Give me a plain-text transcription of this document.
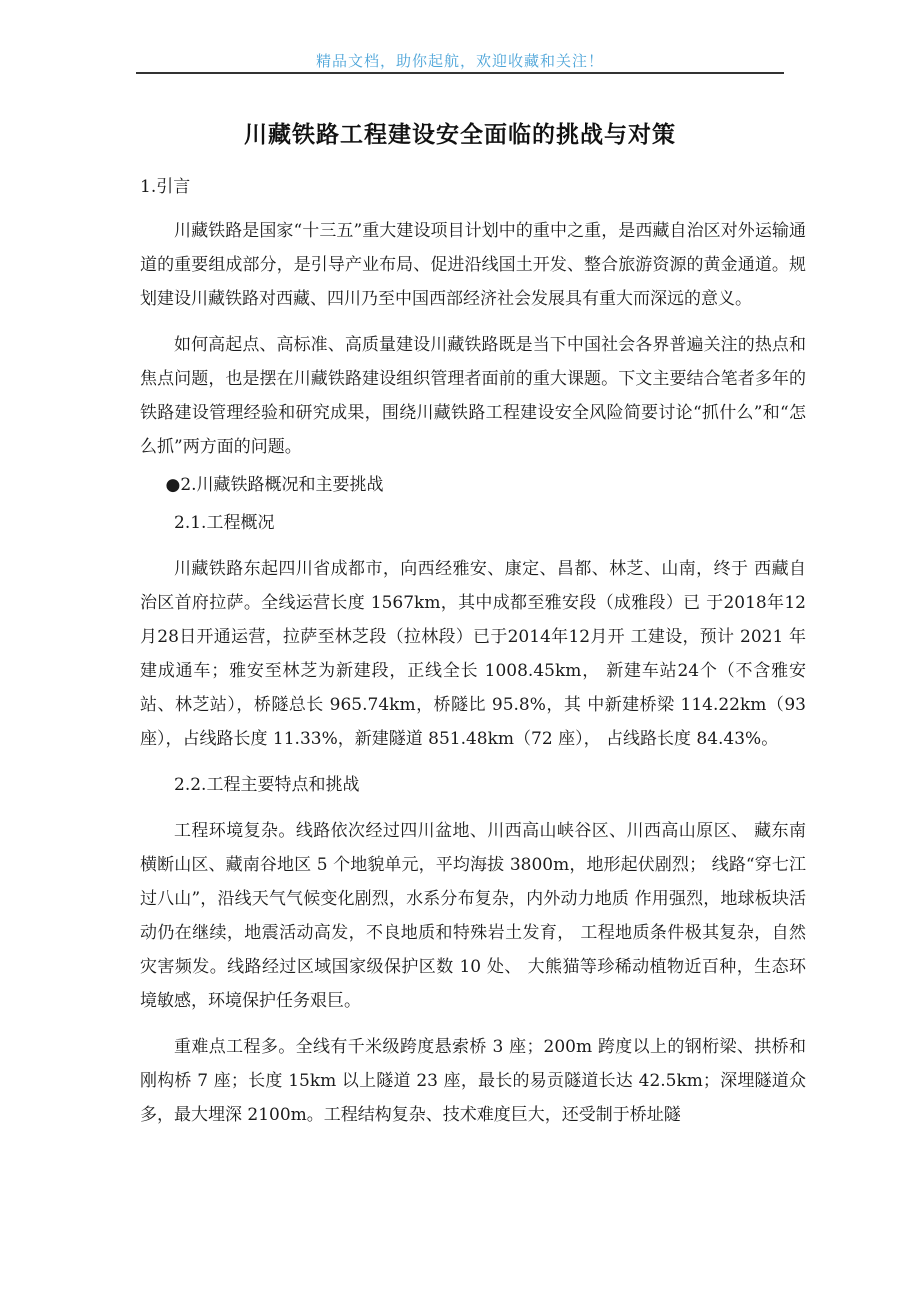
精品文档，助你起航，欢迎收藏和关注！
川藏铁路工程建设安全面临的挑战与对策

1.引言

川藏铁路是国家“十三五”重大建设项目计划中的重中之重，是西藏自治区对外运输通道的重要组成部分，是引导产业布局、促进沿线国土开发、整合旅游资源的黄金通道。规划建设川藏铁路对西藏、四川乃至中国西部经济社会发展具有重大而深远的意义。

如何高起点、高标准、高质量建设川藏铁路既是当下中国社会各界普遍关注的热点和焦点问题，也是摆在川藏铁路建设组织管理者面前的重大课题。下文主要结合笔者多年的铁路建设管理经验和研究成果，围绕川藏铁路工程建设安全风险简要讨论“抓什么”和“怎么抓”两方面的问题。

●2.川藏铁路概况和主要挑战

2.1.工程概况

川藏铁路东起四川省成都市，向西经雅安、康定、昌都、林芝、山南，终于 西藏自治区首府拉萨。全线运营长度 1567km，其中成都至雅安段（成雅段）已 于2018年12月28日开通运营，拉萨至林芝段（拉林段）已于2014年12月开 工建设，预计 2021 年建成通车；雅安至林芝为新建段，正线全长 1008.45km， 新建车站24个（不含雅安站、林芝站），桥隧总长 965.74km，桥隧比 95.8%，其 中新建桥梁 114.22km（93 座），占线路长度 11.33%，新建隧道 851.48km（72 座）， 占线路长度 84.43%。

2.2.工程主要特点和挑战

工程环境复杂。线路依次经过四川盆地、川西高山峡谷区、川西高山原区、 藏东南横断山区、藏南谷地区 5 个地貌单元，平均海拔 3800m，地形起伏剧烈； 线路“穿七江过八山”，沿线天气气候变化剧烈，水系分布复杂，内外动力地质 作用强烈，地球板块活动仍在继续，地震活动高发，不良地质和特殊岩土发育， 工程地质条件极其复杂，自然灾害频发。线路经过区域国家级保护区数 10 处、 大熊猫等珍稀动植物近百种，生态环境敏感，环境保护任务艰巨。

重难点工程多。全线有千米级跨度悬索桥 3 座；200m 跨度以上的钢桁梁、拱桥和刚构桥 7 座；长度 15km 以上隧道 23 座，最长的易贡隧道长达 42.5km；深埋隧道众多，最大埋深 2100m。工程结构复杂、技术难度巨大，还受制于桥址隧
